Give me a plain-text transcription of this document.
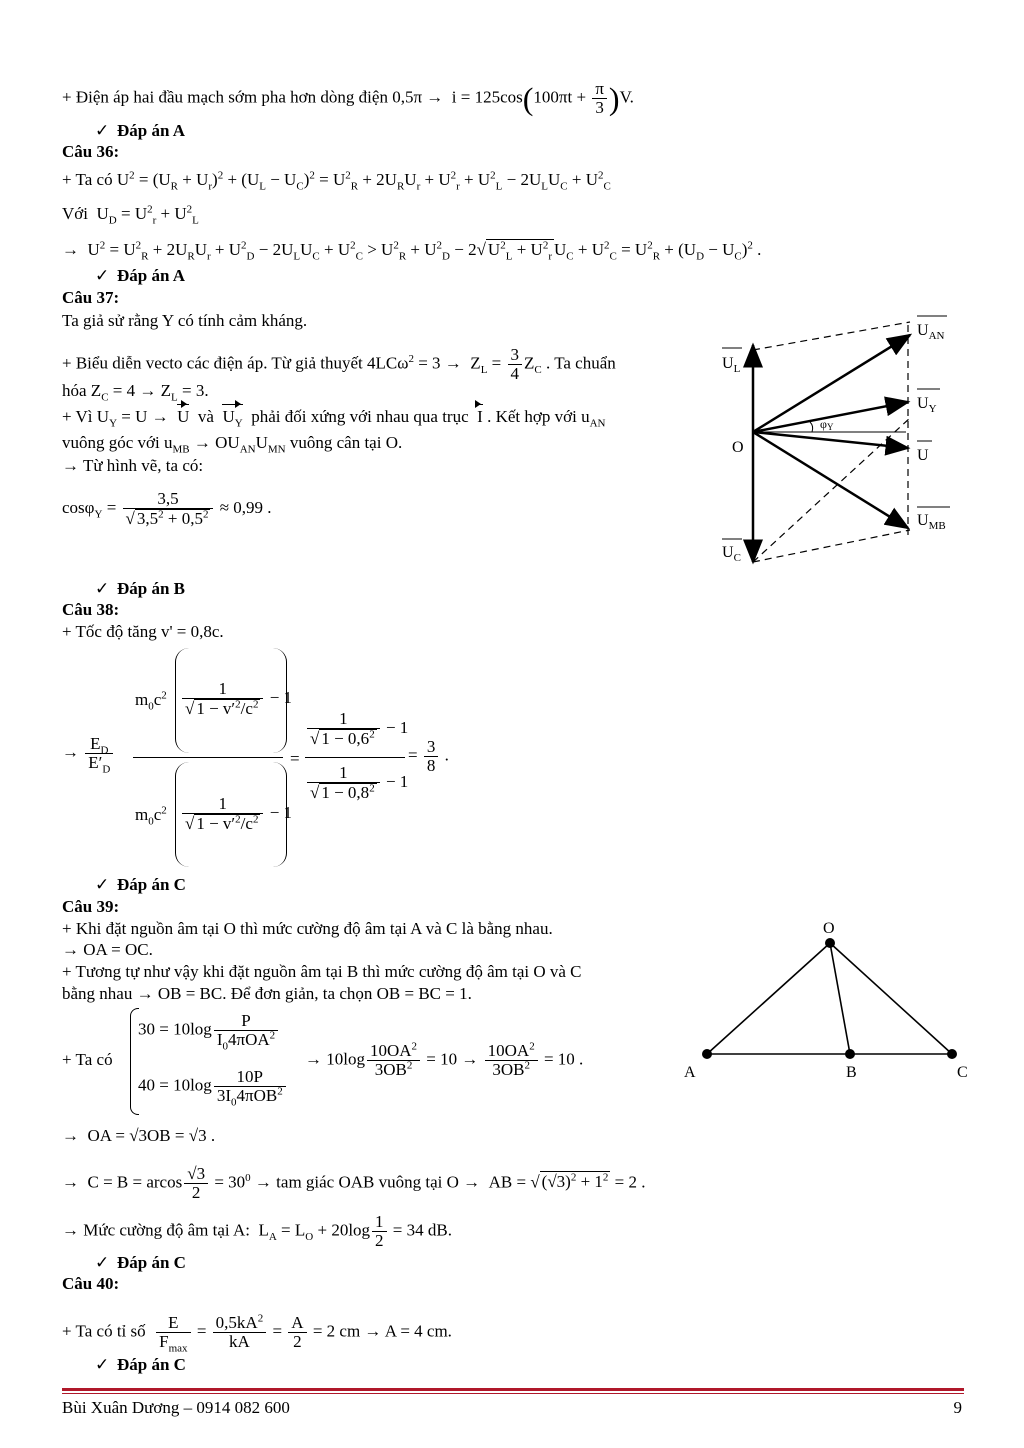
+ Điện áp hai đầu mạch sớm pha hơn dòng điện $0,5\pi \to i = 125\cos(100\pi t + \frac{\pi}{3} )V$.
✓ Đáp án A
Câu 36:
+ Ta có $U^2 = (U_R + U_r)^2 + (U_L - U_C)^2 = U^2_R + 2U_RU_r + U^2_r + U^2_L - 2U_LU_C + U^2_C$
Với  $U_D = U^2_r + U^2_L$
→  $U^2 = U^2_R + 2U_RU_r + U^2_D - 2U_LU_C + U^2_C > U^2_R + U^2_D - 2√$ $U^2_L + U^2_r$ $U_C + U^2_C = U^2_R + (U_D - U_C)^2$ .
✓ Đáp án A
Câu 37:
Ta giả sử rằng Y có tính cảm kháng.
+ Biểu diễn vecto các điện áp. Từ giả thuyết $4LC\omega^2 = 3 \to Z_L = \frac{3}{4} Z_C$ . Ta chuẩn
hóa $Z_C = 4 \to Z_L = 3$.
+ Vì $U_Y = U \to U$  và  $U_Y$  phải đối xứng với nhau qua trục  I . Kết hợp với $u_{AN}$
vuông góc với $u_{MB} \to OU_{AN}U_{MN}$ vuông cân tại O.
→ Từ hình vẽ, ta có:
$\cos\varphi_Y = \frac{3,5}{√ 3,5^2 + 0,5^2} \approx 0,99$ .
$U_{AN}$
$U_L$
$U_Y$
φY
O	U
$U_{MB}$
$U_C$
✓ Đáp án B
Câu 38:
+ Tốc độ tăng v' = 0,8c.
→ $\frac{E_D}{E'_D}$
$m_0c^2$
$m_0c^2$
$\frac{1}{√ 1 - v'^2/c^2} - 1$
$\frac{1}{√ 1 - v'^2/c^2} - 1$
=
$\frac{1}{√ 1 - 0,6^2} - 1$
$\frac{1}{√ 1 - 0,8^2} - 1$
= $\frac{3}{8}$ .
✓ Đáp án C
Câu 39:
+ Khi đặt nguồn âm tại O thì mức cường độ âm tại A và C là bằng nhau.
→ OA = OC.
+ Tương tự như vậy khi đặt nguồn âm tại B thì mức cường độ âm tại O và C
bằng nhau → OB = BC. Để đơn giản, ta chọn OB = BC = 1.
+ Ta có
$30 = 10\log \frac{P}{I_04\pi OA^2}$
$40 = 10\log \frac{10P}{3I_04\pi OB^2}$
→ $10\log \frac{10OA^2}{3OB^2} = 10 \to \frac{10OA^2}{3OB^2} = 10$ .
→  OA = √3OB = √3 .
→  C = B = arcos $\frac{√3}{2} = 30^0$ → tam giác OAB vuông tại O →  AB = √ $(√3)^2 + 1^2 = 2$ .
→ Mức cường độ âm tại A:  $L_A = L_O + 20\log \frac{1}{2} = 34$ dB.
O
A	B	C
✓ Đáp án C
Câu 40:
+ Ta có tỉ số $\frac{E}{F_{max}} = \frac{0,5kA^2}{kA} = \frac{A}{2} = 2$ cm → A = 4 cm.
✓ Đáp án C
Bùi Xuân Dương – 0914 082 600	9
